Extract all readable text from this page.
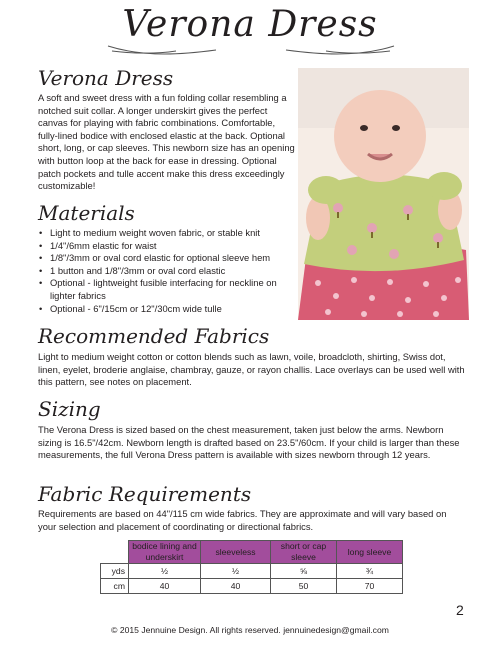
Verona Dress
Verona Dress

A soft and sweet dress with a fun folding collar resembling a notched suit collar. A longer underskirt gives the perfect canvas for playing with fabric combinations. Comfortable, fully-lined bodice with enclosed elastic at the back. Optional short, long, or cap sleeves. This newborn size has an opening with button loop at the back for ease in dressing. Optional patch pockets and tulle accent make this dress exceedingly customizable!

Materials
• Light to medium weight woven fabric, or stable knit
• 1/4"/6mm elastic for waist
• 1/8"/3mm or oval cord elastic for optional sleeve hem
• 1 button and 1/8"/3mm or oval cord elastic
• Optional - lightweight fusible interfacing for neckline on lighter fabrics
• Optional - 6"/15cm or 12"/30cm wide tulle
Recommended Fabrics

Light to medium weight cotton or cotton blends such as lawn, voile, broadcloth, shirting, Swiss dot, linen, eyelet, broderie anglaise, chambray, gauze, or rayon challis. Lace overlays can be used well with this pattern, see notes on placement.

Sizing

The Verona Dress is sized based on the chest measurement, taken just below the arms. Newborn sizing is 16.5"/42cm. Newborn length is drafted based on 23.5"/60cm. If your child is larger than these measurements, the full Verona Dress pattern is available with sizes newborn through 12 years.

Fabric Requirements

Requirements are based on 44"/115 cm wide fabrics. They are approximate and will vary based on your selection and placement of coordinating or directional fabrics.

	bodice lining and underskirt	sleeveless	short or cap sleeve	long sleeve
yds	½	½	⅝	¾
cm	40	40	50	70
2
© 2015 Jennuine Design. All rights reserved. jennuinedesign@gmail.com
